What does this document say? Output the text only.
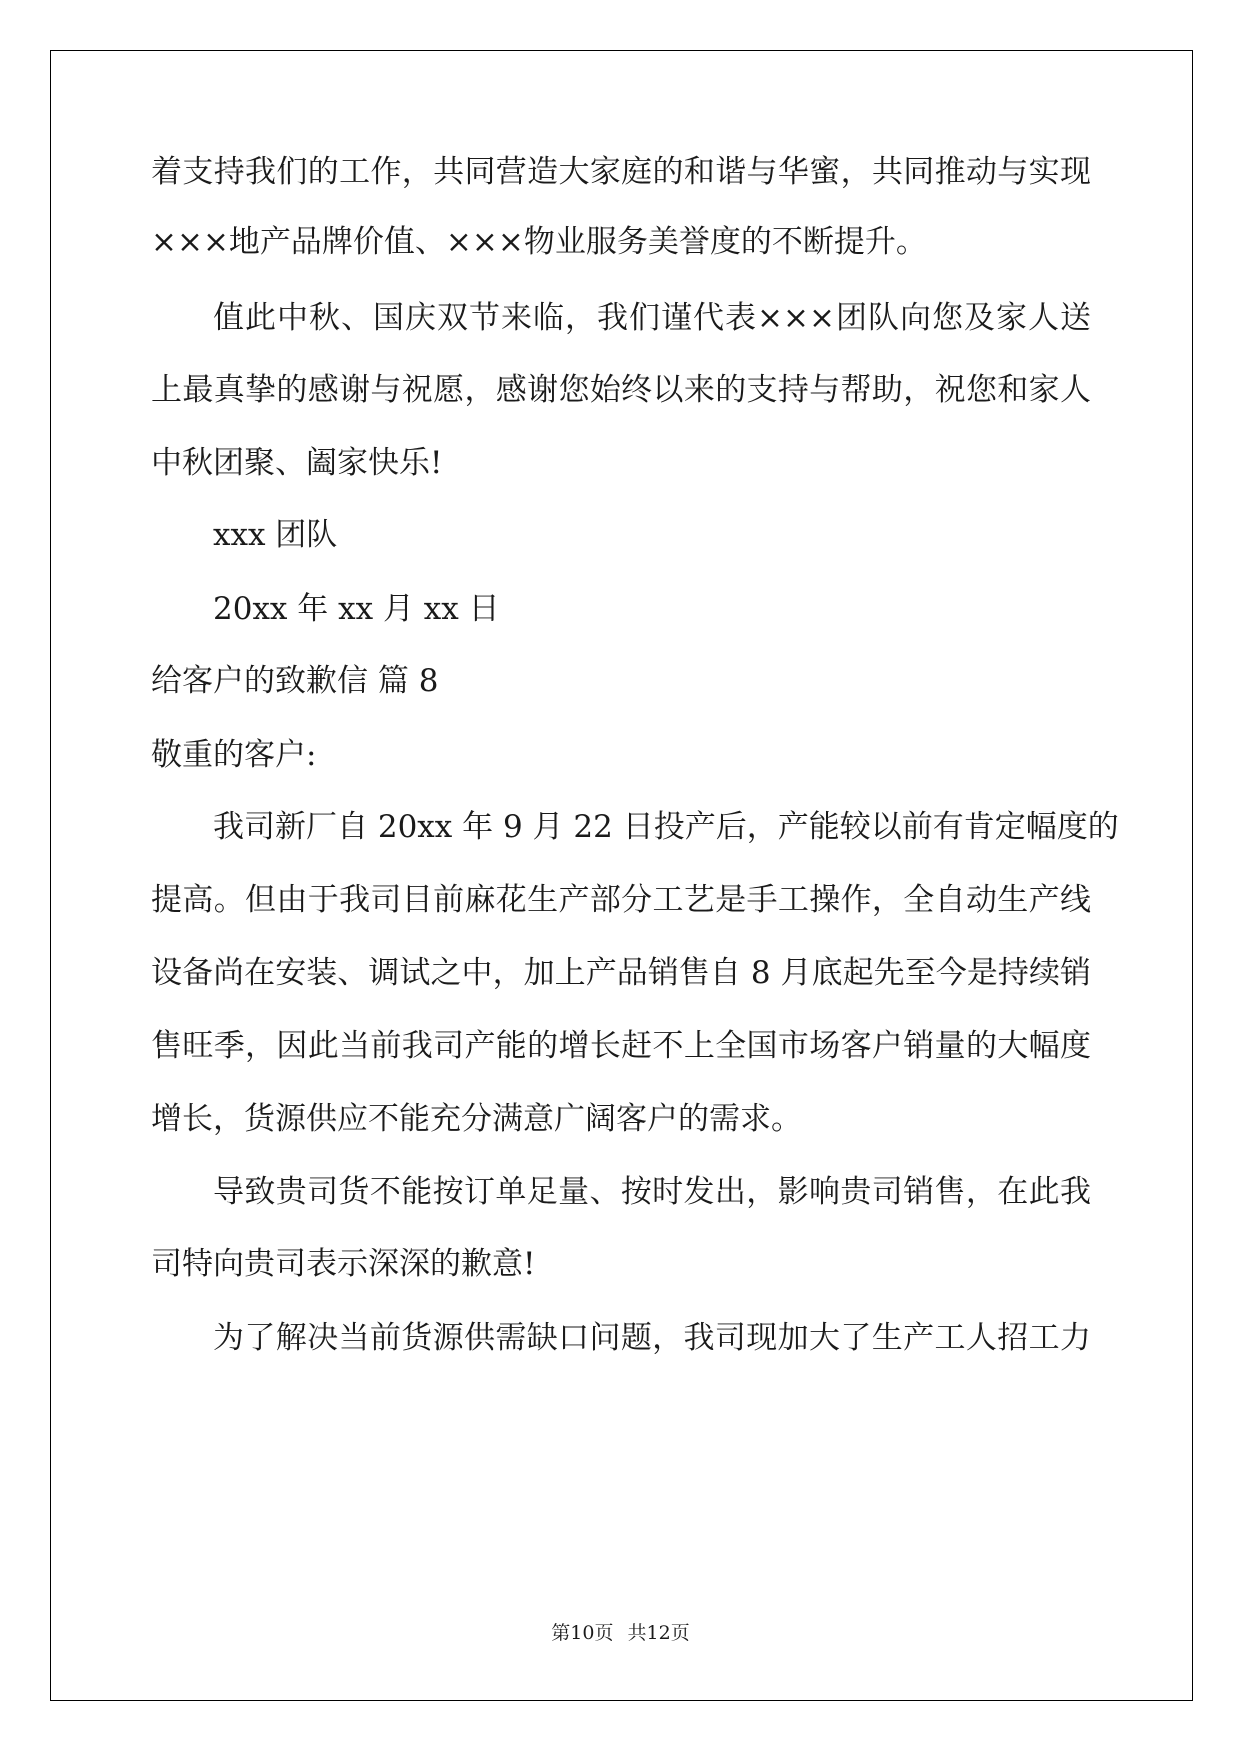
着支持我们的工作，共同营造大家庭的和谐与华蜜，共同推动与实现
×××地产品牌价值、×××物业服务美誉度的不断提升。
值此中秋、国庆双节来临，我们谨代表×××团队向您及家人送
上最真挚的感谢与祝愿，感谢您始终以来的支持与帮助，祝您和家人
中秋团聚、阖家快乐!
xxx 团队
20xx 年 xx 月 xx 日
给客户的致歉信 篇 8
敬重的客户:
我司新厂自 20xx 年 9 月 22 日投产后，产能较以前有肯定幅度的
提高。但由于我司目前麻花生产部分工艺是手工操作，全自动生产线
设备尚在安装、调试之中，加上产品销售自 8 月底起先至今是持续销
售旺季，因此当前我司产能的增长赶不上全国市场客户销量的大幅度
增长，货源供应不能充分满意广阔客户的需求。
导致贵司货不能按订单足量、按时发出，影响贵司销售，在此我
司特向贵司表示深深的歉意!
为了解决当前货源供需缺口问题，我司现加大了生产工人招工力
第10页 共12页
